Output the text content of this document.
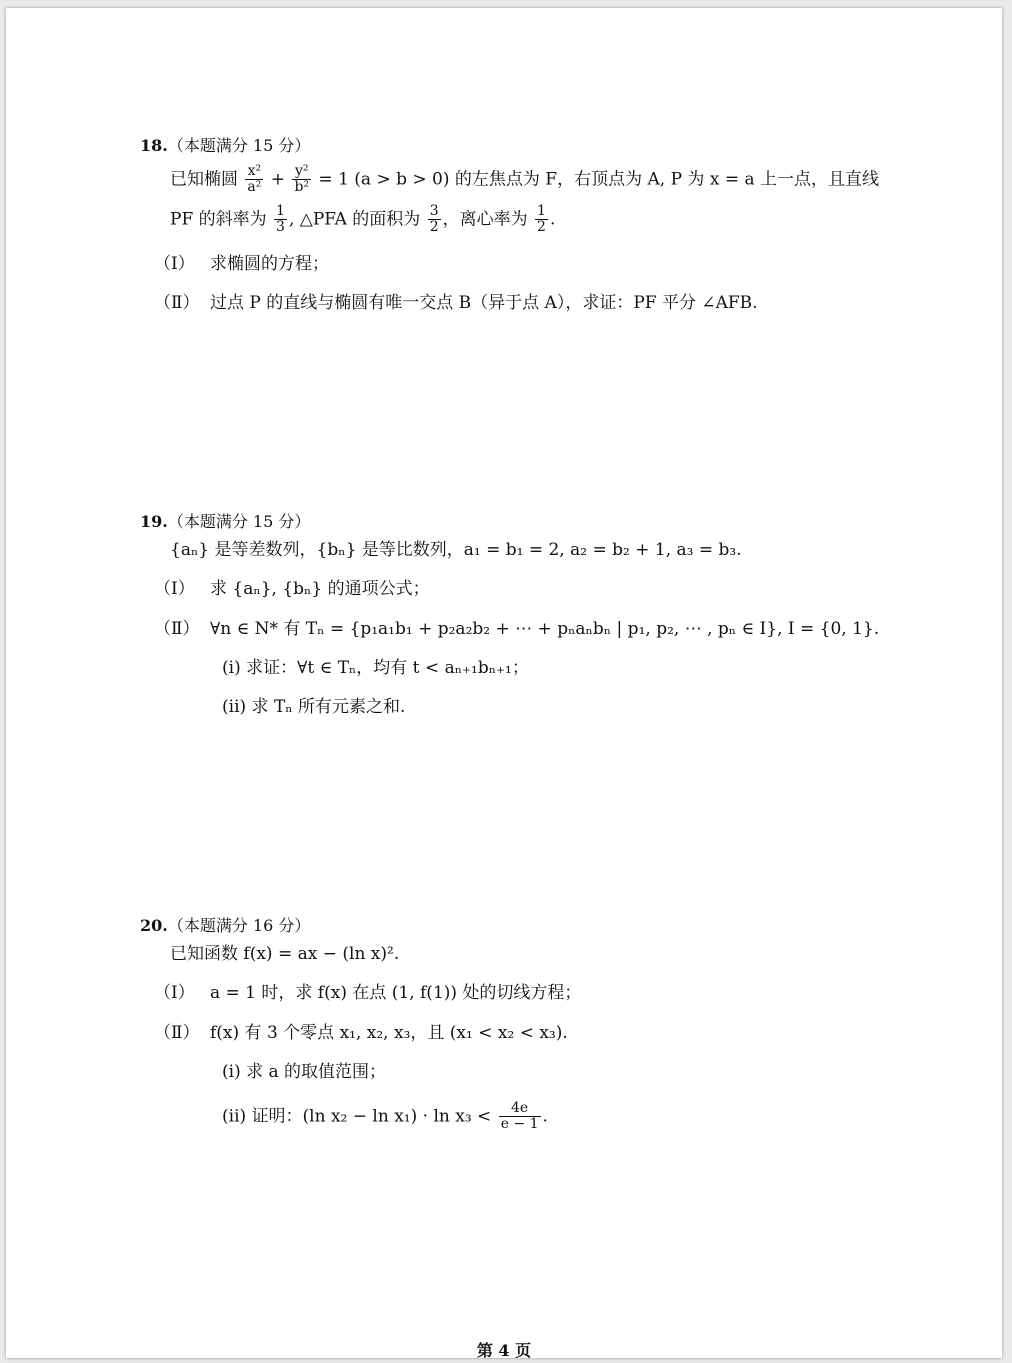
18.（本题满分 15 分）
已知椭圆 $\frac{\text{x²}}{\text{a²}} + \frac{\text{y²}}{\text{b²}} = 1$ (a > b > 0) 的左焦点为 F，右顶点为 A, P 为 x = a 上一点，且直线
PF 的斜率为 $\frac{1}{3}$ , △PFA 的面积为 $\frac{3}{2}$ ，离心率为 $\frac{1}{2}$ .
（Ⅰ） 求椭圆的方程；
（Ⅱ） 过点 P 的直线与椭圆有唯一交点 B（异于点 A），求证：PF 平分 ∠AFB.
19.（本题满分 15 分）
{aₙ} 是等差数列，{bₙ} 是等比数列，a₁ = b₁ = 2, a₂ = b₂ + 1, a₃ = b₃.
（Ⅰ） 求 {aₙ}, {bₙ} 的通项公式；
（Ⅱ） ∀n ∈ N* 有 Tₙ = {p₁a₁b₁ + p₂a₂b₂ + ⋯ + pₙaₙbₙ | p₁, p₂, ⋯ , pₙ ∈ I}, I = {0, 1}.
(i) 求证：∀t ∈ Tₙ，均有 t < aₙ₊₁bₙ₊₁；
(ii) 求 Tₙ 所有元素之和.
20.（本题满分 16 分）
已知函数 f(x) = ax − (ln x)².
（Ⅰ） a = 1 时，求 f(x) 在点 (1, f(1)) 处的切线方程；
（Ⅱ） f(x) 有 3 个零点 x₁, x₂, x₃，且 (x₁ < x₂ < x₃).
(i) 求 a 的取值范围；
(ii) 证明：(ln $x_2 - \ln x_1) \cdot \ln x_3 < \frac{4e}{e - 1}$ .
第 4 页
